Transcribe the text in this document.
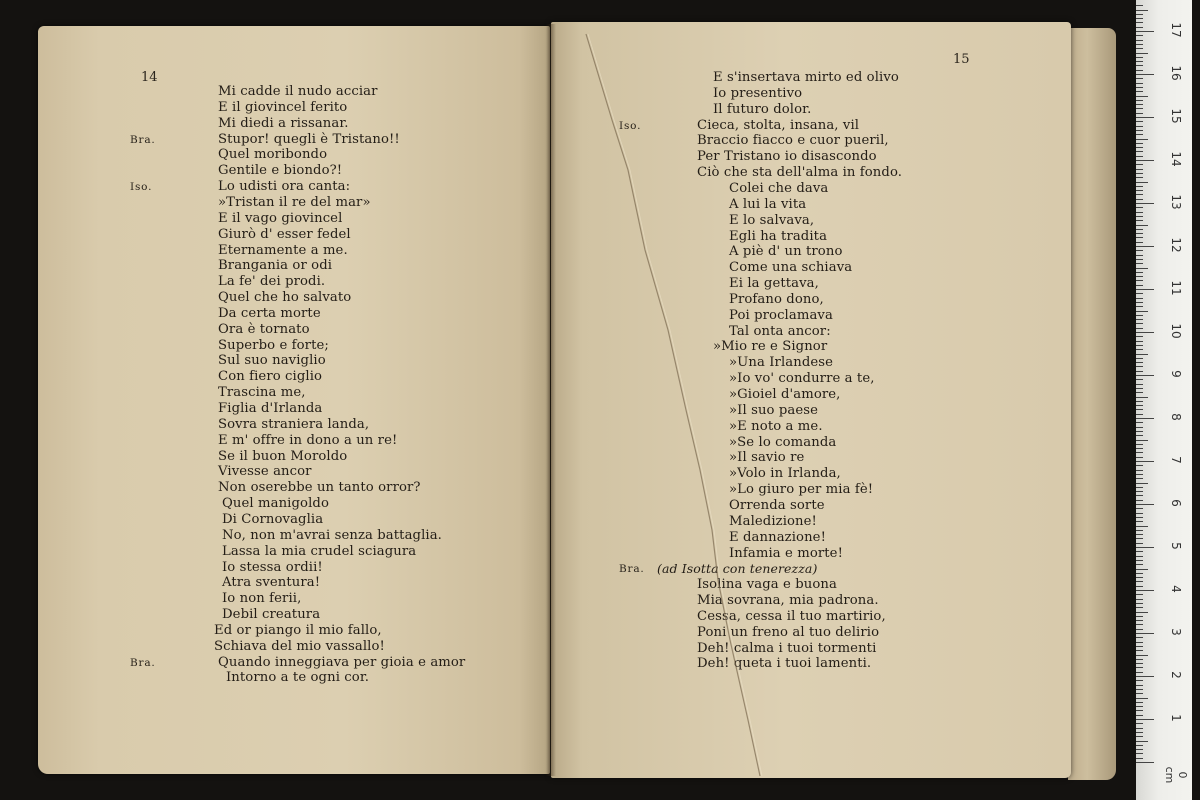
14
Mi cadde il nudo acciar
E il giovincel ferito
Mi diedi a rissanar.
Bra.	Stupor! quegli è Tristano!!
Quel moribondo
Gentile e biondo?!
Iso.	Lo udisti ora canta:
»Tristan il re del mar»
E il vago giovincel
Giurò d' esser fedel
Eternamente a me.
Brangania or odi
La fe' dei prodi.
Quel che ho salvato
Da certa morte
Ora è tornato
Superbo e forte;
Sul suo naviglio
Con fiero ciglio
Trascina me,
Figlia d'Irlanda
Sovra straniera landa,
E m' offre in dono a un re!
Se il buon Moroldo
Vivesse ancor
Non oserebbe un tanto orror?
Quel manigoldo
Di Cornovaglia
No, non m'avrai senza battaglia.
Lassa la mia crudel sciagura
Io stessa ordii!
Atra sventura!
Io non ferii,
Debil creatura
Ed or piango il mio fallo,
Schiava del mio vassallo!
Bra.	Quando inneggiava per gioia e amor
Intorno a te ogni cor.
15
E s'insertava mirto ed olivo
Io presentivo
Il futuro dolor.
Iso.	Cieca, stolta, insana, vil
Braccio fiacco e cuor pueril,
Per Tristano io disascondo
Ciò che sta dell'alma in fondo.
Colei che dava
A lui la vita
E lo salvava,
Egli ha tradita
A piè d' un trono
Come una schiava
Ei la gettava,
Profano dono,
Poi proclamava
Tal onta ancor:
»Mio re e Signor
»Una Irlandese
»Io vo' condurre a te,
»Gioiel d'amore,
»Il suo paese
»E noto a me.
»Se lo comanda
»Il savio re
»Volo in Irlanda,
»Lo giuro per mia fè!
Orrenda sorte
Maledizione!
E dannazione!
Infamia e morte!
Bra. (ad Isotta con tenerezza)
Isolina vaga e buona
Mia sovrana, mia padrona.
Cessa, cessa il tuo martirio,
Poni un freno al tuo delirio
Deh! calma i tuoi tormenti
Deh! queta i tuoi lamenti.
0 cm
1
2
3
4
5
6
7
8
9
10
11
12
13
14
15
16
17
